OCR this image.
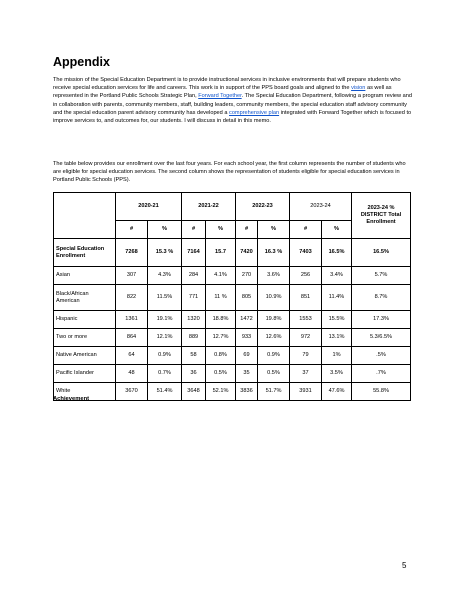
Appendix

The mission of the Special Education Department is to provide instructional services in inclusive environments that will prepare students who receive special education services for life and careers. This work is in support of the PPS board goals and aligned to the vision as well as represented in the Portland Public Schools Strategic Plan, Forward Together. The Special Education Department, following a program review and in collaboration with parents, community members, staff, building leaders, community members, the special education staff advisory community and the special education parent advisory community has developed a comprehensive plan integrated with Forward Together which is focused to improve services to, and outcomes for, our students. I will discuss in detail in this memo.

The table below provides our enrollment over the last four years. For each school year, the first column represents the number of students who are eligible for special education services. The second column shows the representation of students eligible for special education services in Portland Public Schools (PPS).

	2020-21		2021-22		2022-23		2023-24		2023-24 % DISTRICT Total Enrollment
	#	%	#	%	#	%	#	%	
Special Education Enrollment	7268	15.3 %	7164	15.7	7420	16.3 %	7403	16.5%	16.5%
Asian	307	4.3%	284	4.1%	270	3.6%	256	3.4%	5.7%
Black/African American	822	11.5%	771	11 %	805	10.9%	851	11.4%	8.7%
Hispanic	1361	19.1%	1320	18.8%	1472	19.8%	1553	15.5%	17.3%
Two or more	864	12.1%	889	12.7%	933	12.6%	972	13.1%	5.3/6.5%
Native American	64	0.9%	58	0.8%	69	0.9%	79	1%	.5%
Pacific Islander	48	0.7%	36	0.5%	35	0.5%	37	3.5%	.7%
White	3670	51.4%	3648	52.1%	3836	51.7%	3931	47.6%	55.8%

Achievement

5
